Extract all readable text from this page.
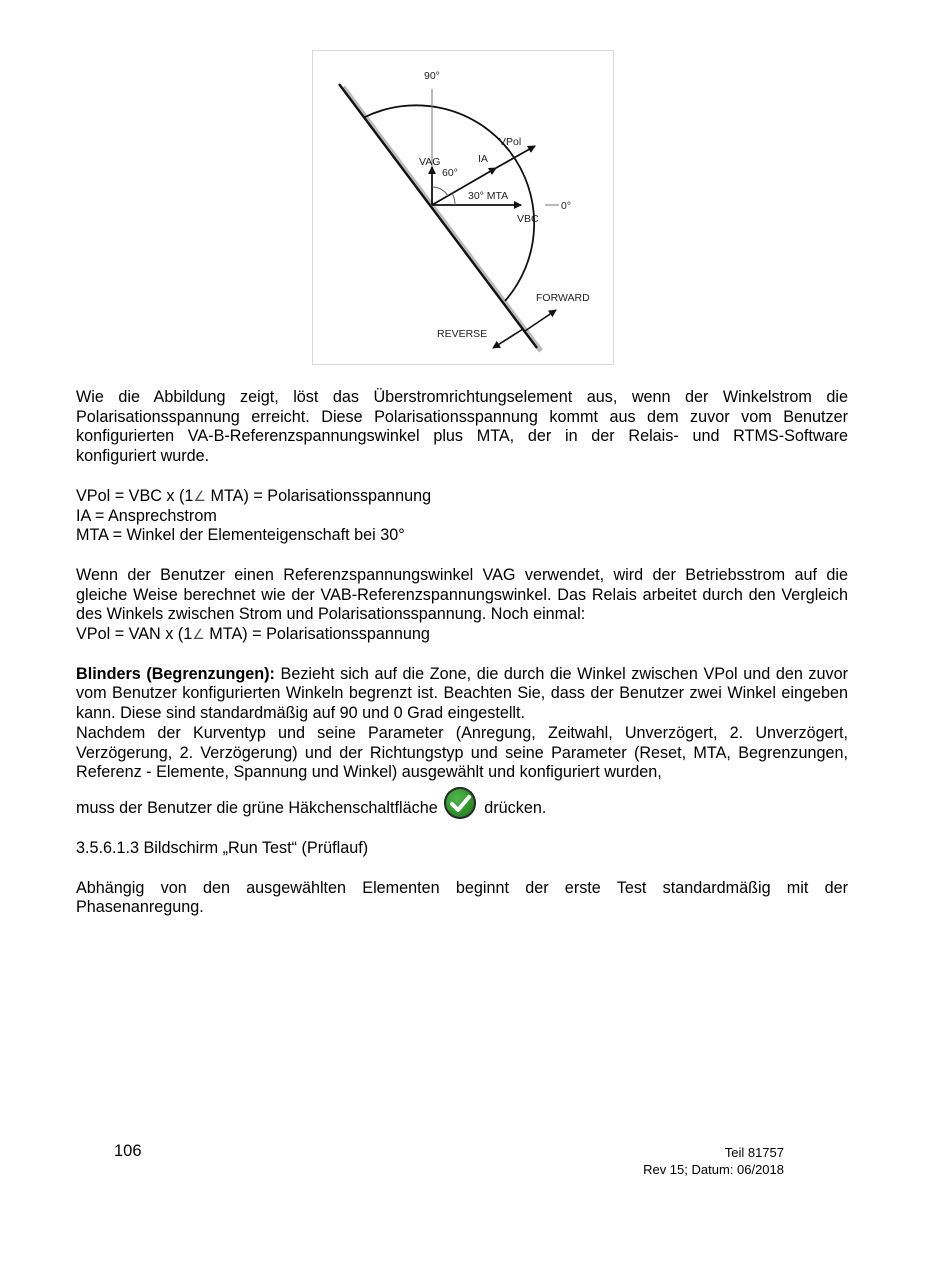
90°
VPol
IA
VAG
60°
30° MTA
VBC
0°
FORWARD
REVERSE

Wie die Abbildung zeigt, löst das Überstromrichtungselement aus, wenn der Winkelstrom die Polarisationsspannung erreicht. Diese Polarisationsspannung kommt aus dem zuvor vom Benutzer konfigurierten VA-B-Referenzspannungswinkel plus MTA, der in der Relais- und RTMS-Software konfiguriert wurde.

VPol = VBC x (1∠ MTA) = Polarisationsspannung
IA = Ansprechstrom
MTA = Winkel der Elementeigenschaft bei 30°

Wenn der Benutzer einen Referenzspannungswinkel VAG verwendet, wird der Betriebsstrom auf die gleiche Weise berechnet wie der VAB-Referenzspannungswinkel. Das Relais arbeitet durch den Vergleich des Winkels zwischen Strom und Polarisationsspannung. Noch einmal:

VPol = VAN x (1∠ MTA) = Polarisationsspannung

Blinders (Begrenzungen): Bezieht sich auf die Zone, die durch die Winkel zwischen VPol und den zuvor vom Benutzer konfigurierten Winkeln begrenzt ist. Beachten Sie, dass der Benutzer zwei Winkel eingeben kann. Diese sind standardmäßig auf 90 und 0 Grad eingestellt.

Nachdem der Kurventyp und seine Parameter (Anregung, Zeitwahl, Unverzögert, 2. Unverzögert, Verzögerung, 2. Verzögerung) und der Richtungstyp und seine Parameter (Reset, MTA, Begrenzungen, Referenz - Elemente, Spannung und Winkel) ausgewählt und konfiguriert wurden,

muss der Benutzer die grüne Häkchenschaltfläche	drücken.

3.5.6.1.3 Bildschirm „Run Test“ (Prüflauf)

Abhängig von den ausgewählten Elementen beginnt der erste Test standardmäßig mit der Phasenanregung.

106	Teil 81757
Rev 15; Datum: 06/2018
